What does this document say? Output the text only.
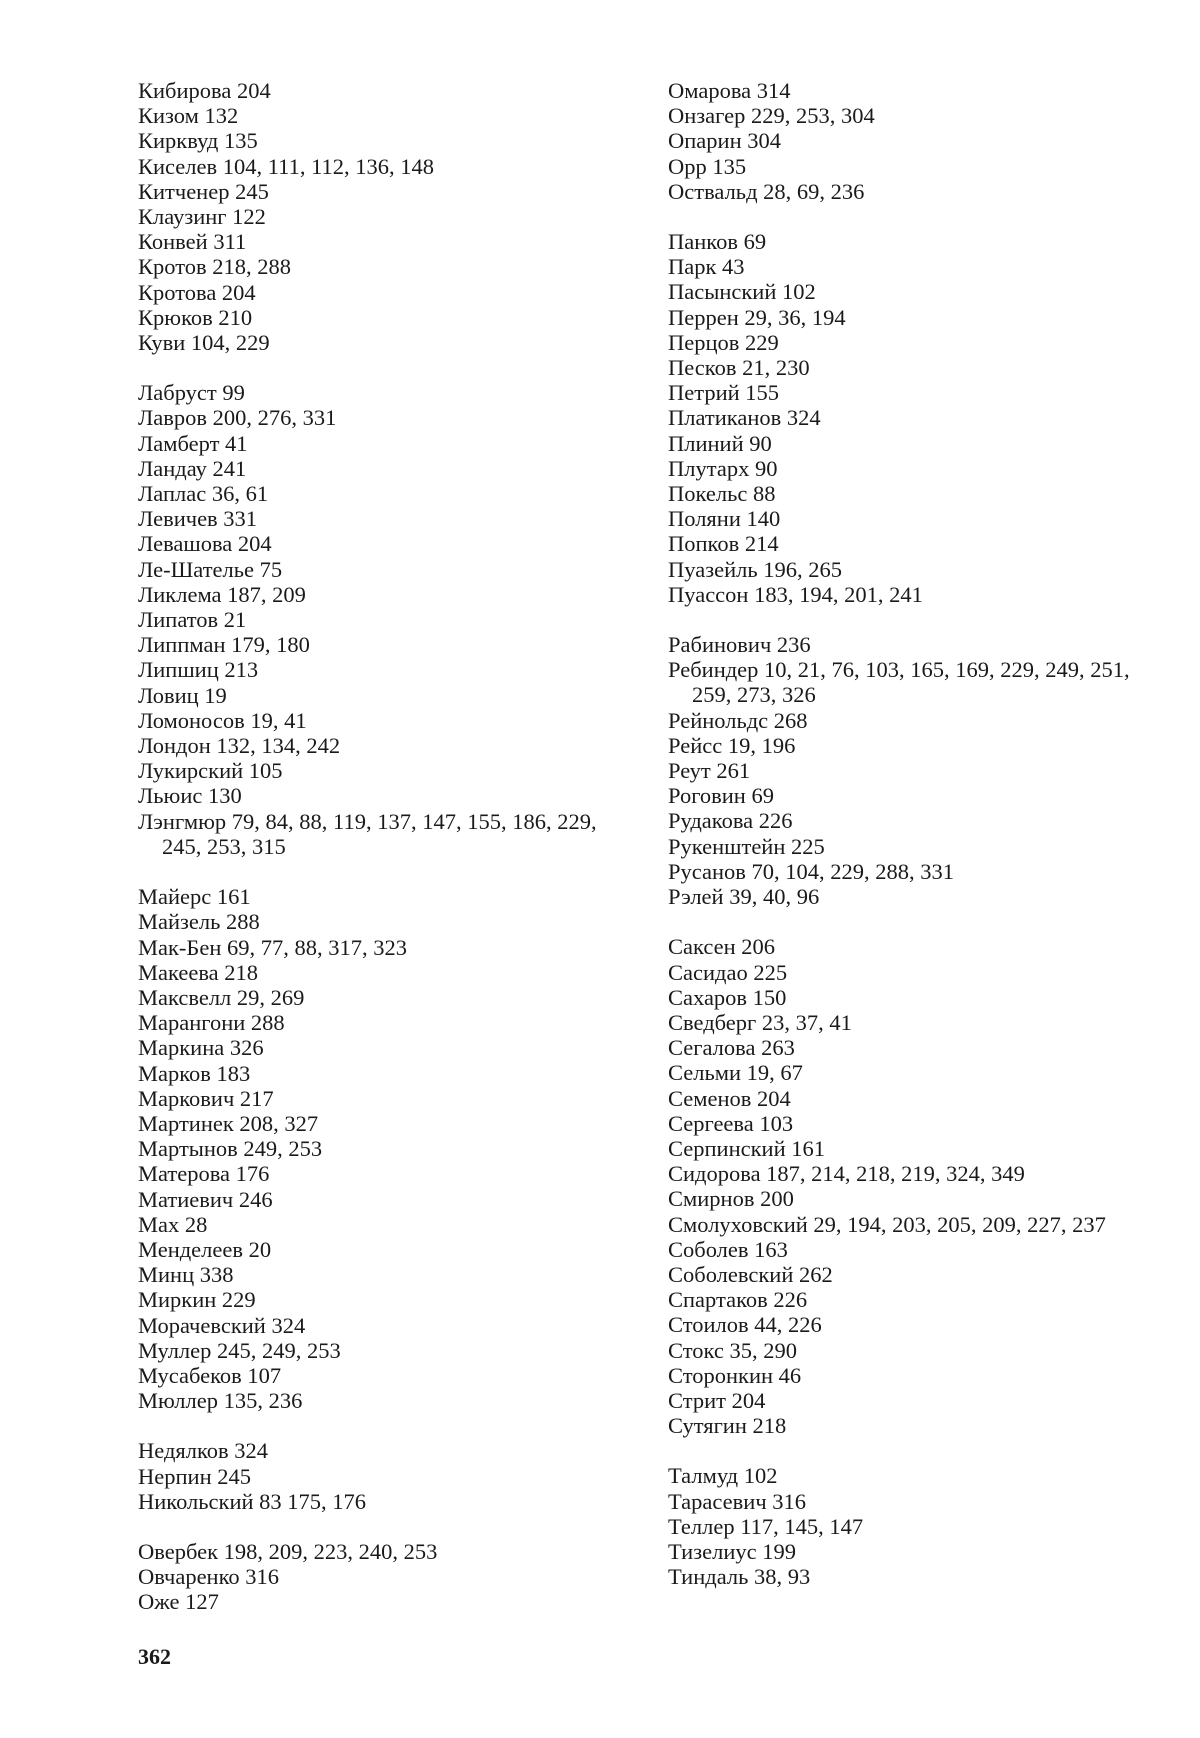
Кибирова 204
Кизом 132
Кирквуд 135
Киселев 104, 111, 112, 136, 148
Китченер 245
Клаузинг 122
Конвей 311
Кротов 218, 288
Кротова 204
Крюков 210
Куви 104, 229
Лабруст 99
Лавров 200, 276, 331
Ламберт 41
Ландау 241
Лаплас 36, 61
Левичев 331
Левашова 204
Ле-Шателье 75
Ликлема 187, 209
Липатов 21
Липпман 179, 180
Липшиц 213
Ловиц 19
Ломоносов 19, 41
Лондон 132, 134, 242
Лукирский 105
Льюис 130
Лэнгмюр 79, 84, 88, 119, 137, 147, 155, 186, 229, 245, 253, 315
Майерс 161
Майзель 288
Мак-Бен 69, 77, 88, 317, 323
Макеева 218
Максвелл 29, 269
Марангони 288
Маркина 326
Марков 183
Маркович 217
Мартинек 208, 327
Мартынов 249, 253
Матерова 176
Матиевич 246
Мах 28
Менделеев 20
Минц 338
Миркин 229
Морачевский 324
Муллер 245, 249, 253
Мусабеков 107
Мюллер 135, 236
Недялков 324
Нерпин 245
Никольский 83 175, 176
Овербек 198, 209, 223, 240, 253
Овчаренко 316
Оже 127
Омарова 314
Онзагер 229, 253, 304
Опарин 304
Орр 135
Оствальд 28, 69, 236
Панков 69
Парк 43
Пасынский 102
Перрен 29, 36, 194
Перцов 229
Песков 21, 230
Петрий 155
Платиканов 324
Плиний 90
Плутарх 90
Покельс 88
Поляни 140
Попков 214
Пуазейль 196, 265
Пуассон 183, 194, 201, 241
Рабинович 236
Ребиндер 10, 21, 76, 103, 165, 169, 229, 249, 251, 259, 273, 326
Рейнольдс 268
Рейсс 19, 196
Реут 261
Роговин 69
Рудакова 226
Рукенштейн 225
Русанов 70, 104, 229, 288, 331
Рэлей 39, 40, 96
Саксен 206
Сасидао 225
Сахаров 150
Сведберг 23, 37, 41
Сегалова 263
Сельми 19, 67
Семенов 204
Сергеева 103
Серпинский 161
Сидорова 187, 214, 218, 219, 324, 349
Смирнов 200
Смолуховский 29, 194, 203, 205, 209, 227, 237
Соболев 163
Соболевский 262
Спартаков 226
Стоилов 44, 226
Стокс 35, 290
Сторонкин 46
Стрит 204
Сутягин 218
Талмуд 102
Тарасевич 316
Теллер 117, 145, 147
Тизелиус 199
Тиндаль 38, 93
362
